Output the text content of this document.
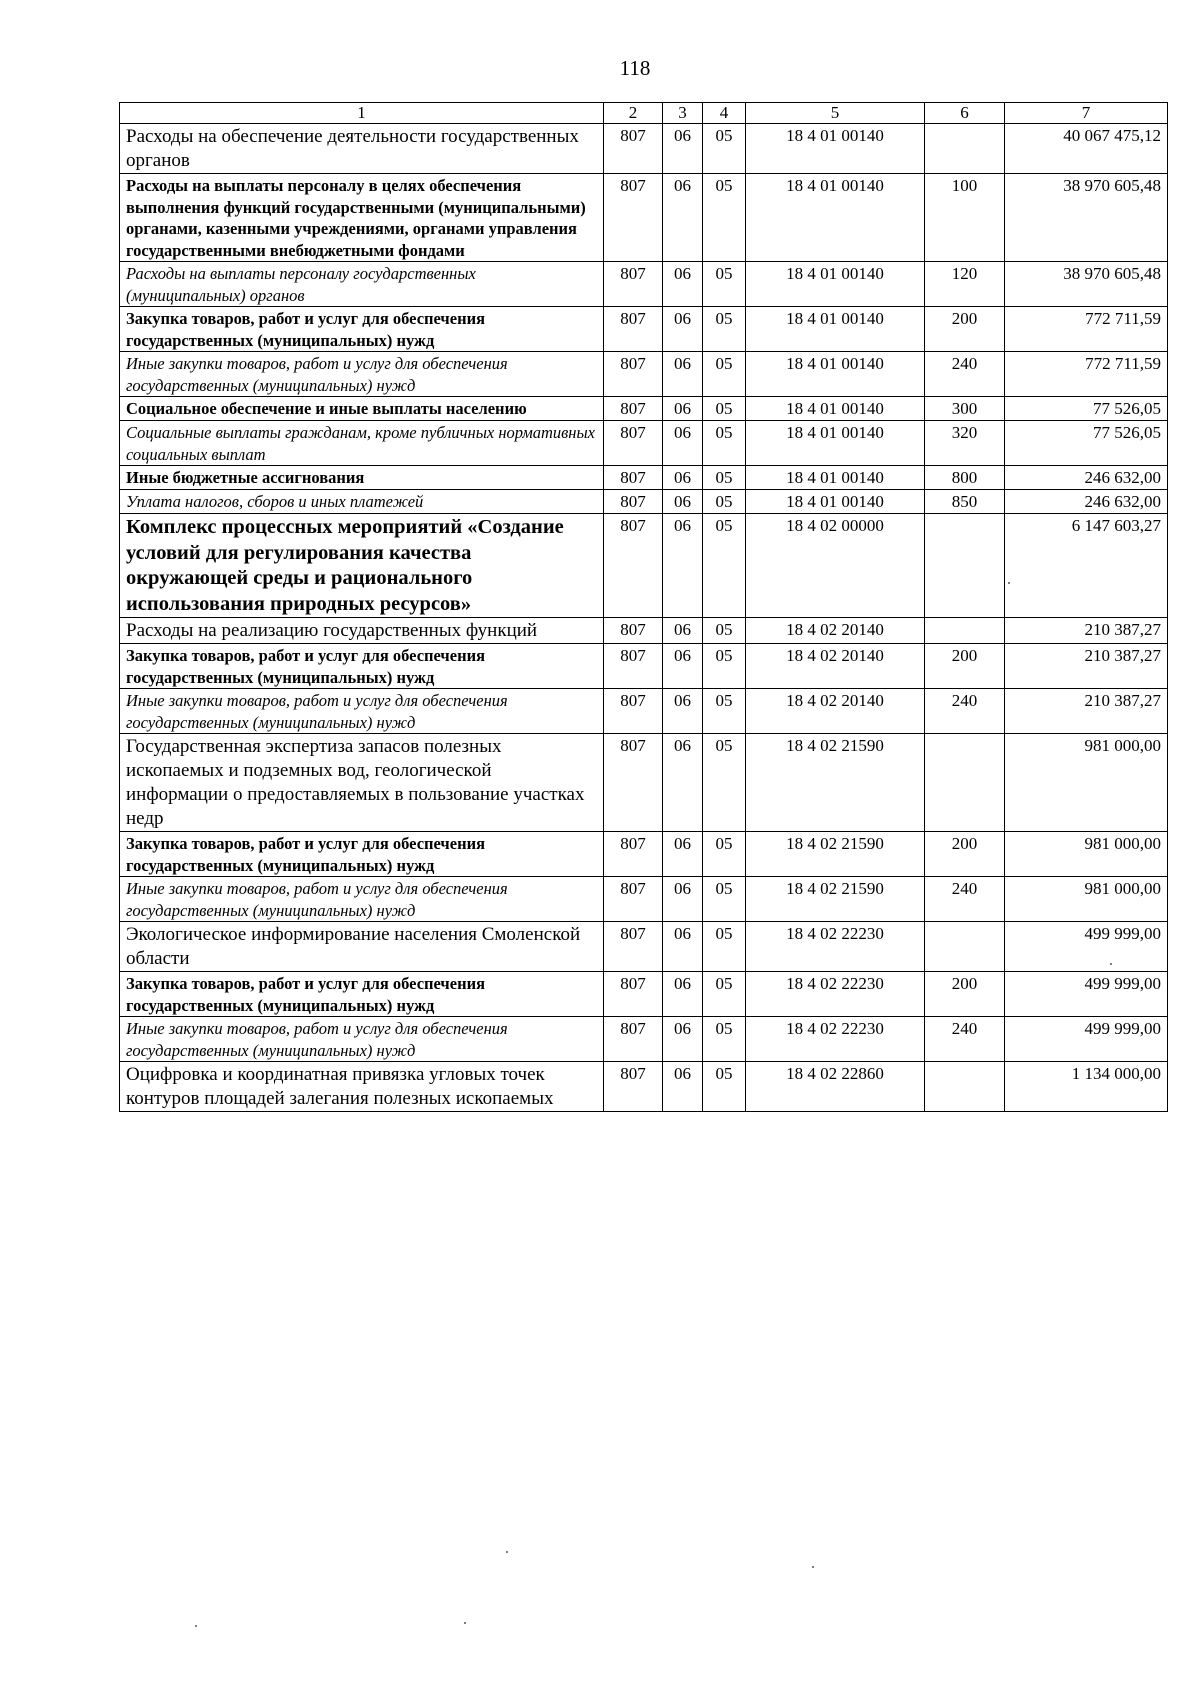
118
1	2	3	4	5	6	7
Расходы на обеспечение деятельности государственных органов	807	06	05	18 4 01 00140		40 067 475,12
Расходы на выплаты персоналу в целях обеспечения выполнения функций государственными (муниципальными) органами, казенными учреждениями, органами управления государственными внебюджетными фондами	807	06	05	18 4 01 00140	100	38 970 605,48
Расходы на выплаты персоналу государственных (муниципальных) органов	807	06	05	18 4 01 00140	120	38 970 605,48
Закупка товаров, работ и услуг для обеспечения государственных (муниципальных) нужд	807	06	05	18 4 01 00140	200	772 711,59
Иные закупки товаров, работ и услуг для обеспечения государственных (муниципальных) нужд	807	06	05	18 4 01 00140	240	772 711,59
Социальное обеспечение и иные выплаты населению	807	06	05	18 4 01 00140	300	77 526,05
Социальные выплаты гражданам, кроме публичных нормативных социальных выплат	807	06	05	18 4 01 00140	320	77 526,05
Иные бюджетные ассигнования	807	06	05	18 4 01 00140	800	246 632,00
Уплата налогов, сборов и иных платежей	807	06	05	18 4 01 00140	850	246 632,00
Комплекс процессных мероприятий «Создание условий для регулирования качества окружающей среды и рационального использования природных ресурсов»	807	06	05	18 4 02 00000		6 147 603,27
Расходы на реализацию государственных функций	807	06	05	18 4 02 20140		210 387,27
Закупка товаров, работ и услуг для обеспечения государственных (муниципальных) нужд	807	06	05	18 4 02 20140	200	210 387,27
Иные закупки товаров, работ и услуг для обеспечения государственных (муниципальных) нужд	807	06	05	18 4 02 20140	240	210 387,27
Государственная экспертиза запасов полезных ископаемых и подземных вод, геологической информации о предоставляемых в пользование участках недр	807	06	05	18 4 02 21590		981 000,00
Закупка товаров, работ и услуг для обеспечения государственных (муниципальных) нужд	807	06	05	18 4 02 21590	200	981 000,00
Иные закупки товаров, работ и услуг для обеспечения государственных (муниципальных) нужд	807	06	05	18 4 02 21590	240	981 000,00
Экологическое информирование населения Смоленской области	807	06	05	18 4 02 22230		499 999,00
Закупка товаров, работ и услуг для обеспечения государственных (муниципальных) нужд	807	06	05	18 4 02 22230	200	499 999,00
Иные закупки товаров, работ и услуг для обеспечения государственных (муниципальных) нужд	807	06	05	18 4 02 22230	240	499 999,00
Оцифровка и координатная привязка угловых точек контуров площадей залегания полезных ископаемых	807	06	05	18 4 02 22860		1 134 000,00
